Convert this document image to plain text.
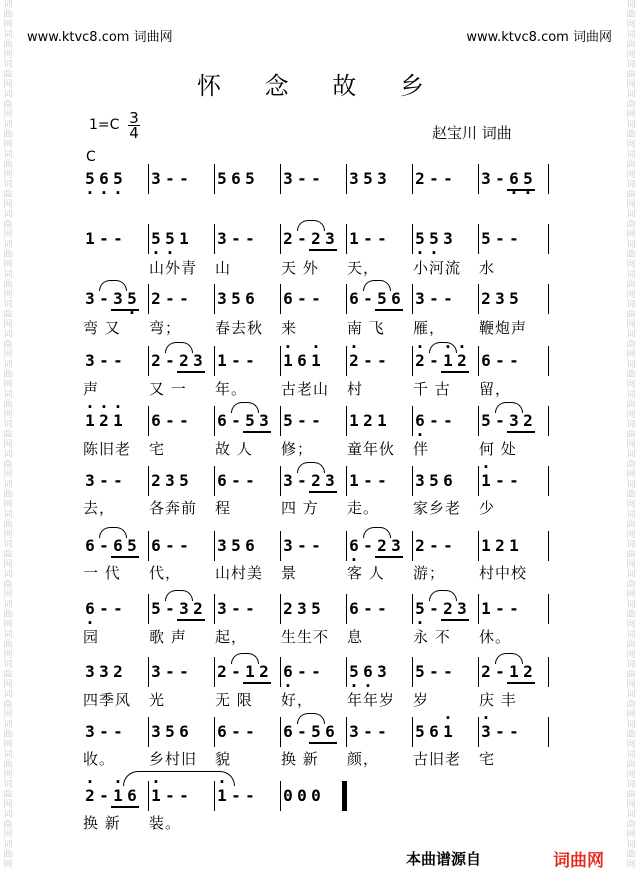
词曲网词曲网词曲网词曲网词曲网词曲网词曲网词曲网词曲网词曲网词曲网词曲网词曲网词曲网词曲网词曲网词曲网词曲网词曲网词曲网词曲网词曲网词曲网词曲网词曲网词曲网词曲网词曲网词曲网
词曲网词曲网词曲网词曲网词曲网词曲网词曲网词曲网词曲网词曲网词曲网词曲网词曲网词曲网词曲网词曲网词曲网词曲网词曲网词曲网词曲网词曲网词曲网词曲网词曲网词曲网词曲网词曲网词曲网
www.ktvc8.com 词曲网	www.ktvc8.com 词曲网
怀 念 故 乡
1=C 3
4	赵宝川 词曲
C
5 · 6 · 5 ·	3 - -	5 6 5	3 - -	3 5 3	2 - -	3 - 6 · 5 ·
1 - -	5 · 5 · 1	3 - -	2 - 2 3 1 - -	5 · 5 · 3	5 - -
山外青	山	天 外	天，	小河流	水
3 - 3 5 · 2 - -	3 5 6	6 - -	6 - 5 6 3 - -	2 3 5
弯 又	弯；	春去秋	来	南 飞	雁，	鞭炮声
3 - -	2 - 2 3 1 - -	· 1 6 · 1	· 2 - -	· 2 - · 1 · 2 6 - -
声	又 一	年。	古老山	村	千 古	留，
· 1 · 2 · 1	6 - -	6 - 5 3 5 - -	1 2 1	6 · - -	5 - 3 2
陈旧老	宅	故 人	修；	童年伙	伴	何 处
3 - -	2 3 5	6 - -	3 - 2 3 1 - -	3 5 6	· 1 - -
去，	各奔前	程	四 方	走。	家乡老	少
6 - 6 5 6 - -	3 5 6	3 - -	6 · - 2 3 2 - -	1 2 1
一 代	代，	山村美	景	客 人	游；	村中校
6 · - -	5 - 3 2 3 - -	2 3 5	6 - -	5 · - 2 3 1 - -
园	歌 声	起，	生生不	息	永 不	休。
3 3 2	3 - -	2 - 1 2 6 · - -	5 · 6 · 3	5 - -	2 - 1 2
四季风	光	无 限	好，	年年岁	岁	庆 丰
3 - -	3 5 6	6 - -	6 - 5 6 3 - -	5 6 · 1	· 3 - -
收。	乡村旧	貌	换 新	颜，	古旧老	宅
· 2 - · 1 6 · 1 - -	· 1 - -	0 0 0
换 新	装。
本曲谱源自	词曲网
